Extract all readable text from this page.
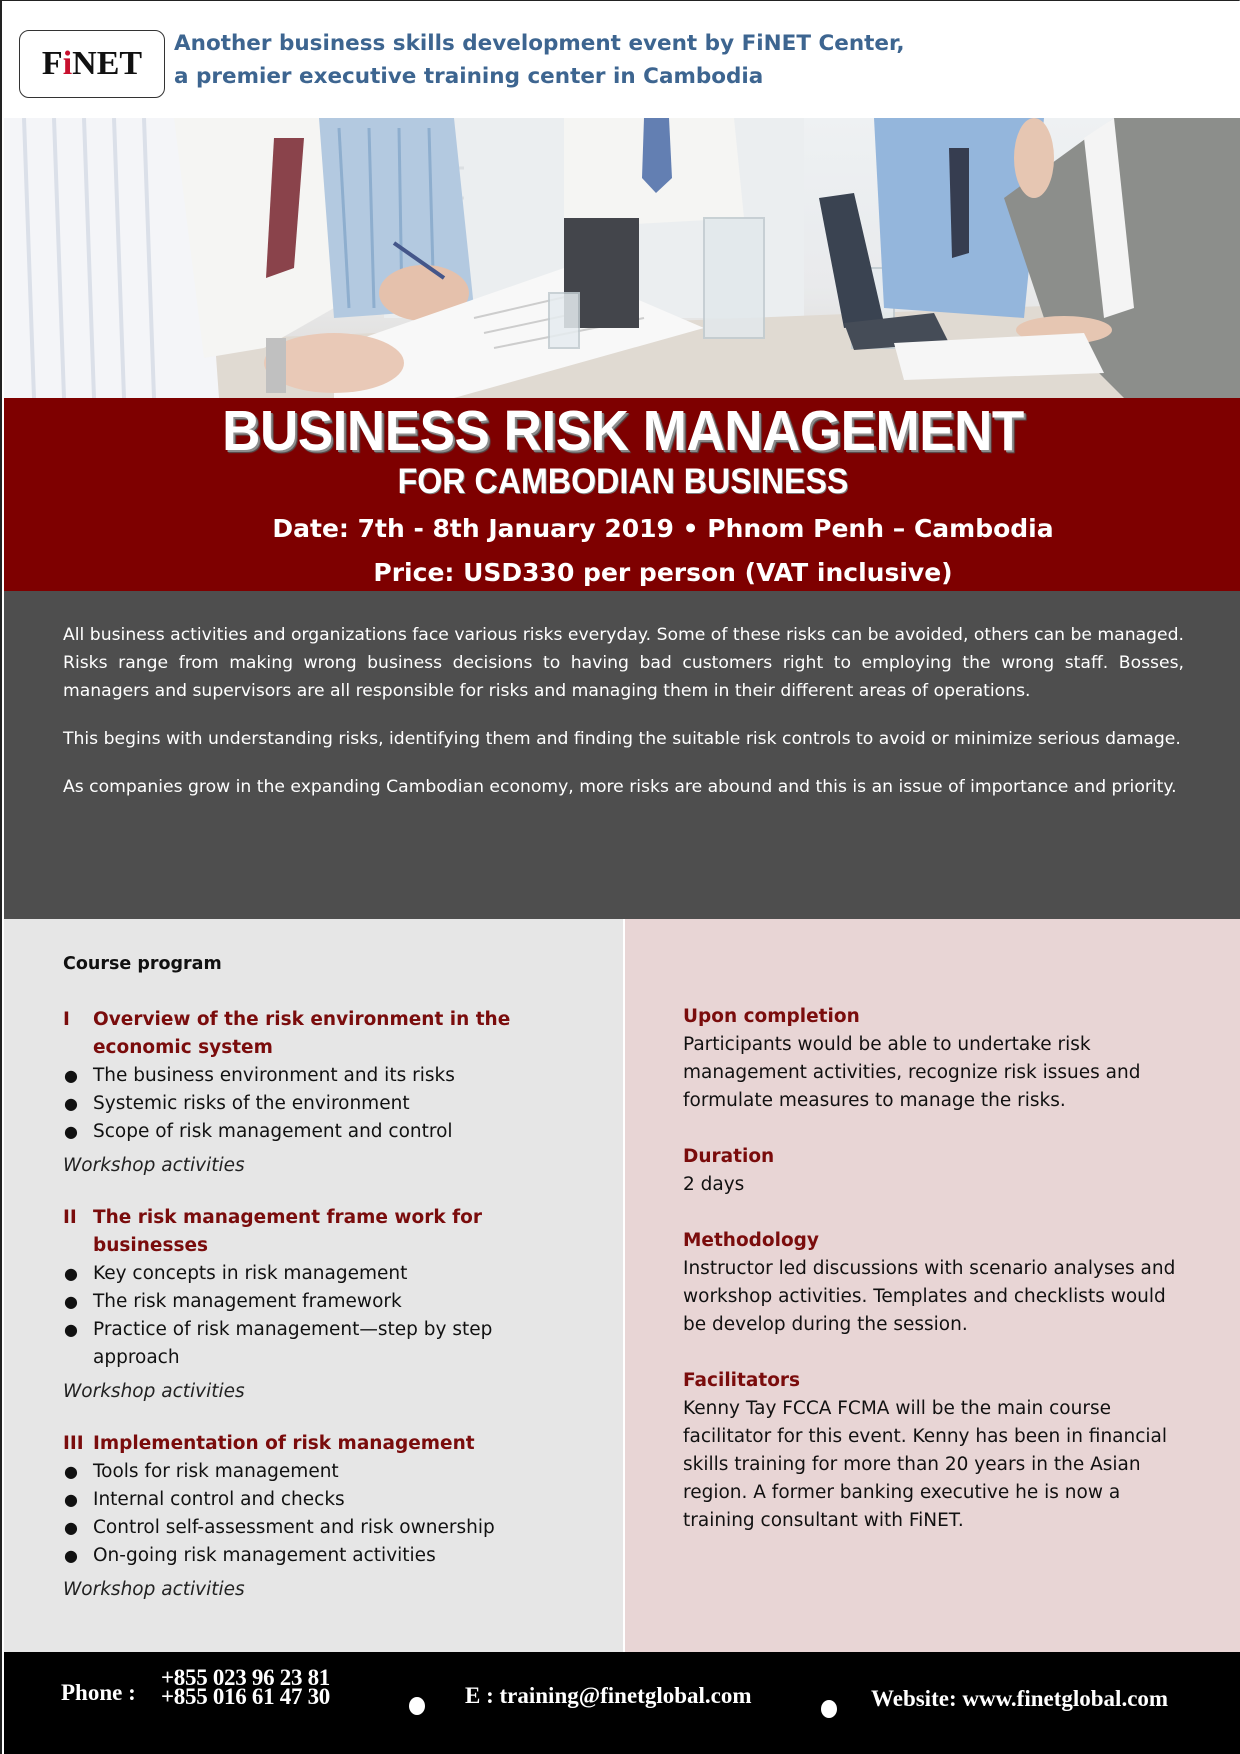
FiNET
Another business skills development event by FiNET Center,
a premier executive training center in Cambodia
BUSINESS RISK MANAGEMENT
FOR CAMBODIAN BUSINESS
Date: 7th - 8th January 2019 • Phnom Penh – Cambodia
Price: USD330 per person (VAT inclusive)

All business activities and organizations face various risks everyday. Some of these risks can be avoided, others can be managed. Risks range from making wrong business decisions to having bad customers right to employing the wrong staff. Bosses, managers and supervisors are all responsible for risks and managing them in their different areas of operations.

This begins with understanding risks, identifying them and finding the suitable risk controls to avoid or minimize serious damage.

As companies grow in the expanding Cambodian economy, more risks are abound and this is an issue of importance and priority.

Course program
I	Overview of the risk environment in the economic system
● The business environment and its risks
● Systemic risks of the environment
● Scope of risk management and control
Workshop activities
II The risk management frame work for businesses
● Key concepts in risk management
● The risk management framework
● Practice of risk management—step by step approach
Workshop activities
III Implementation of risk management
● Tools for risk management
● Internal control and checks
● Control self-assessment and risk ownership
● On-going risk management activities
Workshop activities
Upon completion
Participants would be able to undertake risk management activities, recognize risk issues and formulate measures to manage the risks.
Duration
2 days
Methodology
Instructor led discussions with scenario analyses and workshop activities. Templates and checklists would be develop during the session.
Facilitators
Kenny Tay FCCA FCMA will be the main course facilitator for this event. Kenny has been in financial skills training for more than 20 years in the Asian region. A former banking executive he is now a training consultant with FiNET.
Phone :
+855 023 96 23 81
+855 016 61 47 30	E : training@finetglobal.com	Website: www.finetglobal.com
